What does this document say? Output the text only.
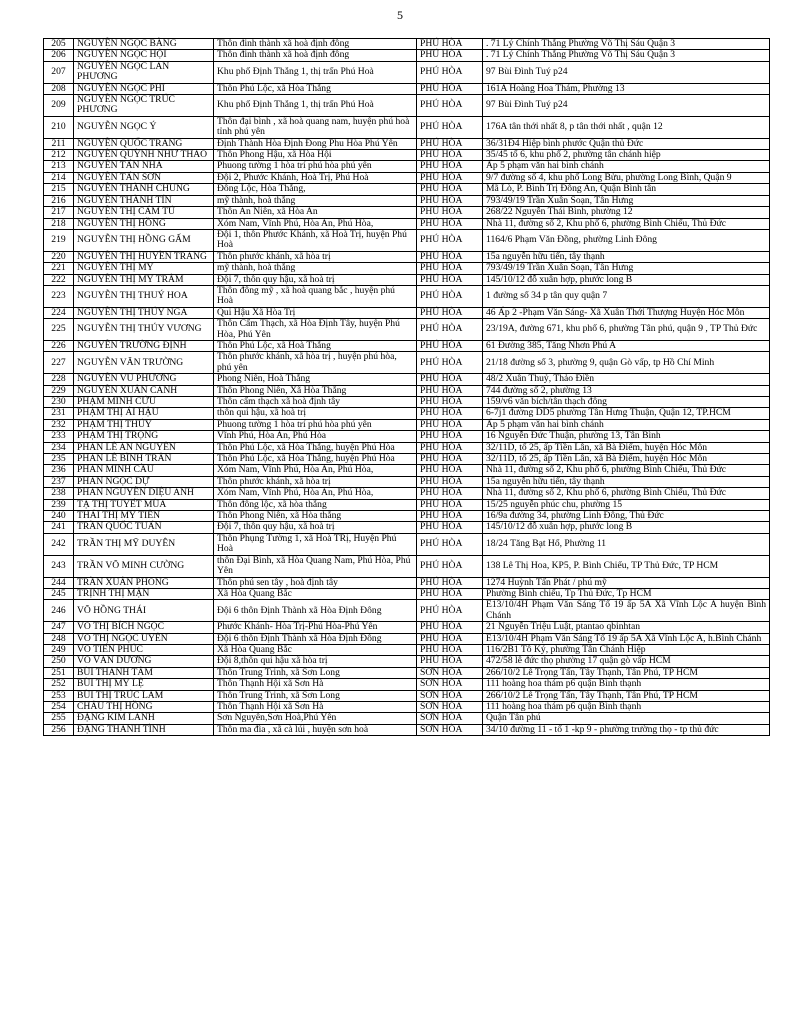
5
205	NGUYỄN NGỌC BẰNG	Thôn đinh thành xã hoà định đông	PHÚ HÒA	. 71 Lý Chính Thắng Phường Võ Thị Sáu Quận 3
206	NGUYỄN NGỌC HỘI	Thôn đinh thành xã hoà định đông	PHÚ HÒA	. 71 Lý Chính Thắng Phường Võ Thị Sáu Quận 3
207	NGUYỄN NGỌC LAN PHƯƠNG	Khu phố Định Thắng 1, thị trấn Phú Hoà	PHÚ HÒA	97 Bùi Đình Tuý p24
208	NGUYỄN NGỌC PHI	Thôn Phú Lộc, xã Hòa Thắng	PHÚ HÒA	161A Hoàng Hoa Thám, Phường 13
209	NGUYỄN NGỌC TRÚC PHƯƠNG	Khu phố Định Thắng 1, thị trấn Phú Hoà	PHÚ HÒA	97 Bùi Đình Tuý p24
210	NGUYỄN NGỌC Ý	Thôn đại bình , xã hoà quang nam, huyện phú hoà tỉnh phú yên	PHÚ HÒA	176A tân thới nhất 8, p tân thới nhất , quận 12
211	NGUYỄN QUỐC TRANG	Định Thành Hòa Định Đong Phu Hòa Phú Yên	PHÚ HÒA	36/31Đ4 Hiệp bình phước Quận thủ Đức
212	NGUYỄN QUỲNH NHƯ THẢO	Thôn Phong Hậu, xã Hòa Hội	PHÚ HÒA	35/45 tổ 6, khu phố 2, phường tân chánh hiệp
213	NGUYỄN TẤN NHA	Phuong tường 1 hòa trí phú hòa phú yên	PHÚ HÒA	Ấp 5 phạm văn hai bình chánh
214	NGUYỄN TẤN SƠN	Đội 2, Phước Khánh, Hoà Trị, Phú Hoà	PHÚ HÒA	9/7 đường số 4, khu phố Long Bửu, phường Long Bình, Quận 9
215	NGUYỄN THÀNH CHUNG	Đông Lộc, Hòa Thắng,	PHÚ HÒA	Mã Lò, P. Bình Trị Đông An, Quận Bình tân
216	NGUYỄN THÀNH TÍN	mỹ thành, hoà thắng	PHÚ HÒA	793/49/19 Trần Xuân Soạn, Tân Hưng
217	NGUYỄN THỊ CẨM TÚ	Thôn An Niên, xã Hòa An	PHÚ HÒA	268/22 Nguyễn Thái Bình, phường 12
218	NGUYỄN THỊ HỒNG	Xóm Nam, Vĩnh Phú, Hòa An, Phú Hòa,	PHÚ HÒA	Nhà 11, đường số 2, Khu phố 6, phường Bình Chiểu, Thủ Đức
219	NGUYỄN THỊ HỒNG GẤM	Đội 1, thôn Phước Khánh, xã Hoà Trị, huyện Phú Hoà	PHÚ HÒA	1164/6 Phạm Văn Đồng, phường Linh Đông
220	NGUYỄN THỊ HUYỀN TRANG	Thôn phước khánh, xã hòa trị	PHÚ HÒA	15a nguyễn hữu tiến, tây thạnh
221	NGUYỄN THỊ MY	mỹ thành, hoà thắng	PHÚ HÒA	793/49/19 Trần Xuân Soạn, Tân Hưng
222	NGUYỄN THỊ MỸ TRÂM	Đội 7, thôn quy hậu, xã hoà trị	PHÚ HÒA	145/10/12 đỗ xuân hợp, phước long B
223	NGUYỄN THỊ THUÝ HOA	Thôn đông mỹ , xã hoà quang bắc , huyện phú Hoà	PHÚ HÒA	1 đường số 34 p tân quy quận 7
224	NGUYỄN THỊ THÚY NGA	Qui Hậu Xã Hòa Trị	PHÚ HÒA	46 Ấp 2 -Phạm Văn Sáng- Xã Xuân Thới Thượng Huyện Hóc Môn
225	NGUYỄN THỊ THÚY VƯƠNG	Thôn Cẩm Thạch, xã Hòa Định Tây, huyện Phú Hòa, Phú Yên	PHÚ HÒA	23/19A, đường 671, khu phố 6, phường Tân phú, quận 9 , TP Thủ Đức
226	NGUYỄN TRƯỜNG ĐỊNH	Thôn Phú Lộc, xã Hoà Thắng	PHÚ HÒA	61 Đường 385, Tăng Nhơn Phú A
227	NGUYỄN VĂN TRƯỜNG	Thôn phước khánh, xã hòa trị , huyện phú hòa, phú yên	PHÚ HÒA	21/18 đường số 3, phường 9, quận Gò vấp, tp Hồ Chí Minh
228	NGUYỄN VŨ PHƯƠNG	Phong Niên, Hoà Thắng	PHÚ HÒA	48/2 Xuân Thuỷ, Thảo Điền
229	NGUYỄN XUÂN CẢNH	Thôn Phong Niên, Xã Hòa Thắng	PHÚ HÒA	744 đường số 2, phường 13
230	PHẠM MINH CỨU	Thôn cẩm thạch xã hoà định tây	PHÚ HÒA	159/v6 văn bích/tân thạch đông
231	PHẠM THỊ ÁI HẬU	thôn qui hậu, xã hoà trị	PHÚ HÒA	6-7j1 đường DD5 phường Tân Hưng Thuận, Quận 12, TP.HCM
232	PHẠM THỊ THÚY	Phuong tường 1 hòa trí phú hòa phú yên	PHÚ HÒA	Ấp 5 phạm văn hai bình chánh
233	PHẠM THỊ TRỌNG	Vĩnh Phú, Hòa An, Phú Hòa	PHÚ HÒA	16 Nguyễn Đức Thuận, phường 13, Tân Bình
234	PHAN LÊ AN NGUYÊN	Thôn Phú Lộc, xã Hòa Thắng, huyện Phú Hòa	PHÚ HÒA	32/11D, tổ 25, ấp Tiền Lân, xã Bà Điểm, huyện Hóc Môn
235	PHAN LÊ BÌNH TRÂN	Thôn Phú Lộc, xã Hòa Thắng, huyện Phú Hòa	PHÚ HÒA	32/11D, tổ 25, ấp Tiền Lân, xã Bà Điểm, huyện Hóc Môn
236	PHAN MINH CẦU	Xóm Nam, Vĩnh Phú, Hòa An, Phú Hòa,	PHÚ HÒA	Nhà 11, đường số 2, Khu phố 6, phường Bình Chiểu, Thủ Đức
237	PHAN NGỌC DỰ	Thôn phước khánh, xã hòa trị	PHÚ HÒA	15a nguyễn hữu tiến, tây thạnh
238	PHAN NGUYỄN DIỆU ANH	Xóm Nam, Vĩnh Phú, Hòa An, Phú Hòa,	PHÚ HÒA	Nhà 11, đường số 2, Khu phố 6, phường Bình Chiểu, Thủ Đức
239	TẠ THỊ TUYẾT MÙA	Thôn đông lộc, xã hòa thắng	PHÚ HÒA	15/25 nguyễn phúc chu, phường 15
240	THÁI THỊ MỸ TIÊN	Thôn Phong Niên, xã Hòa thắng	PHÚ HÒA	16/9a đường 34, phường Linh Đông, Thủ Đức
241	TRẦN QUỐC TUẤN	Đội 7, thôn quy hậu, xã hoà trị	PHÚ HÒA	145/10/12 đỗ xuân hợp, phước long B
242	TRẦN THỊ MỸ DUYÊN	Thôn Phụng Tường 1, xã Hoà TRị, Huyện Phú Hoà	PHÚ HÒA	18/24 Tăng Bạt Hổ, Phường 11
243	TRẦN VÕ MINH CƯỜNG	thôn Đại Bình, xã Hòa Quang Nam, Phú Hòa, Phú Yên	PHÚ HÒA	138 Lê Thị Hoa, KP5, P. Bình Chiểu, TP Thủ Đức, TP HCM
244	TRẦN XUÂN PHONG	Thôn phú sen tây , hoà định tây	PHÚ HÒA	1274 Huỳnh Tấn Phát / phú mỹ
245	TRỊNH THỊ MẬN	Xã Hòa Quang Bắc	PHÚ HÒA	Phường Bình chiểu, Tp Thủ Đức, Tp HCM
246	VÕ HỒNG THÁI	Đội 6 thôn Định Thành xã Hòa Định Đông	PHÚ HÒA	E13/10/4H Phạm Văn Sáng Tổ 19 ấp 5A Xã Vĩnh Lộc A huyện Bình Chánh
247	VÕ THỊ BÍCH NGỌC	Phước Khánh- Hòa Trị-Phú Hòa-Phú Yên	PHÚ HÒA	21 Nguyễn Triệu Luật, ptantao qbinhtan
248	VÕ THỊ NGỌC UYÊN	Đội 6 thôn Định Thành xã Hòa Định Đông	PHÚ HÒA	E13/10/4H Phạm Văn Sáng Tổ 19 ấp 5A Xã Vĩnh Lộc A, h.Bình Chánh
249	VÕ TIẾN PHÚC	Xã Hòa Quang Bắc	PHÚ HÒA	116/2B1 Tô Ký, phường Tân Chánh Hiệp
250	VÕ VĂN DƯƠNG	Đội 8,thôn qui hậu xã hòa trị	PHÚ HÒA	472/58 lê đức thọ phường 17 quận gò vấp HCM
251	BÙI THANH TÂM	Thôn Trung Trinh, xã Sơn Long	SƠN HÒA	266/10/2 Lê Trọng Tấn, Tây Thạnh, Tân Phú, TP HCM
252	BÙI THỊ MỸ LỆ	Thôn Thạnh Hội xã Sơn Hà	SƠN HÒA	111 hoàng hoa thám p6 quận Bình thạnh
253	BÙI THỊ TRÚC LAM	Thôn Trung Trinh, xã Sơn Long	SƠN HÒA	266/10/2 Lê Trọng Tấn, Tây Thạnh, Tân Phú, TP HCM
254	CHÂU THỊ HỒNG	Thôn Thạnh Hội xã Sơn Hà	SƠN HÒA	111 hoàng hoa thám p6 quận Bình thạnh
255	ĐẶNG KIM LANH	Sơn Nguyên,Sơn Hoà,Phú Yên	SƠN HÒA	Quận Tân phú
256	ĐẶNG THANH TÌNH	Thôn ma đìa , xã cà lúi , huyện sơn hoà	SƠN HÒA	34/10 đường 11 - tổ 1 -kp 9 - phường trường thọ - tp thủ đức
